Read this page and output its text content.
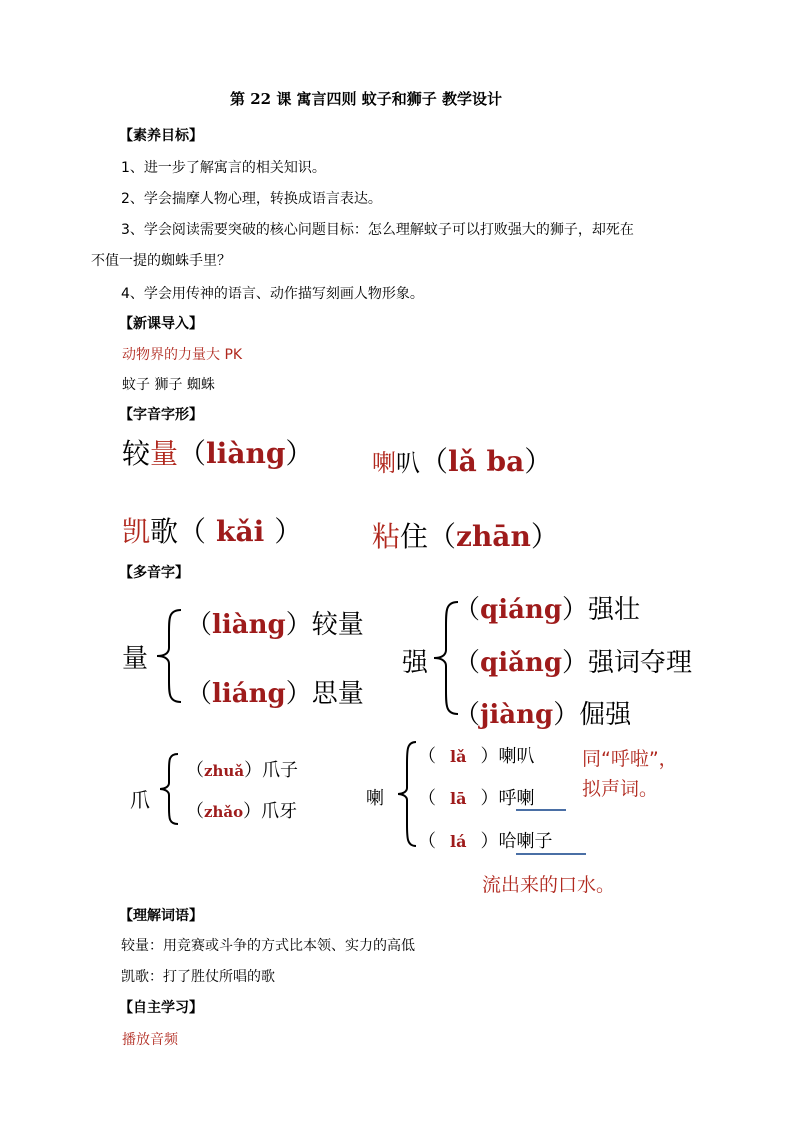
第 22 课 寓言四则 蚊子和狮子 教学设计
【素养目标】
1、进一步了解寓言的相关知识。
2、学会揣摩人物心理，转换成语言表达。
3、学会阅读需要突破的核心问题目标：怎么理解蚊子可以打败强大的狮子，却死在
不值一提的蜘蛛手里？
4、学会用传神的语言、动作描写刻画人物形象。
【新课导入】
动物界的力量大 PK
蚊子 狮子 蜘蛛
【字音字形】
较量（liàng） 喇叭（lǎ ba）
凯歌（ kǎi ） 粘住（zhān）
【多音字】
量
（liàng）较量
（liáng）思量
强
（qiáng）强壮
（qiǎng）强词夺理
（jiàng）倔强
爪
（zhuǎ）爪子
（zhǎo）爪牙
喇
（ lǎ ）喇叭
（ lā ）呼喇
（ lá ）哈喇子
同“呼啦”，
拟声词。
流出来的口水。
【理解词语】
较量：用竞赛或斗争的方式比本领、实力的高低
凯歌：打了胜仗所唱的歌
【自主学习】
播放音频
